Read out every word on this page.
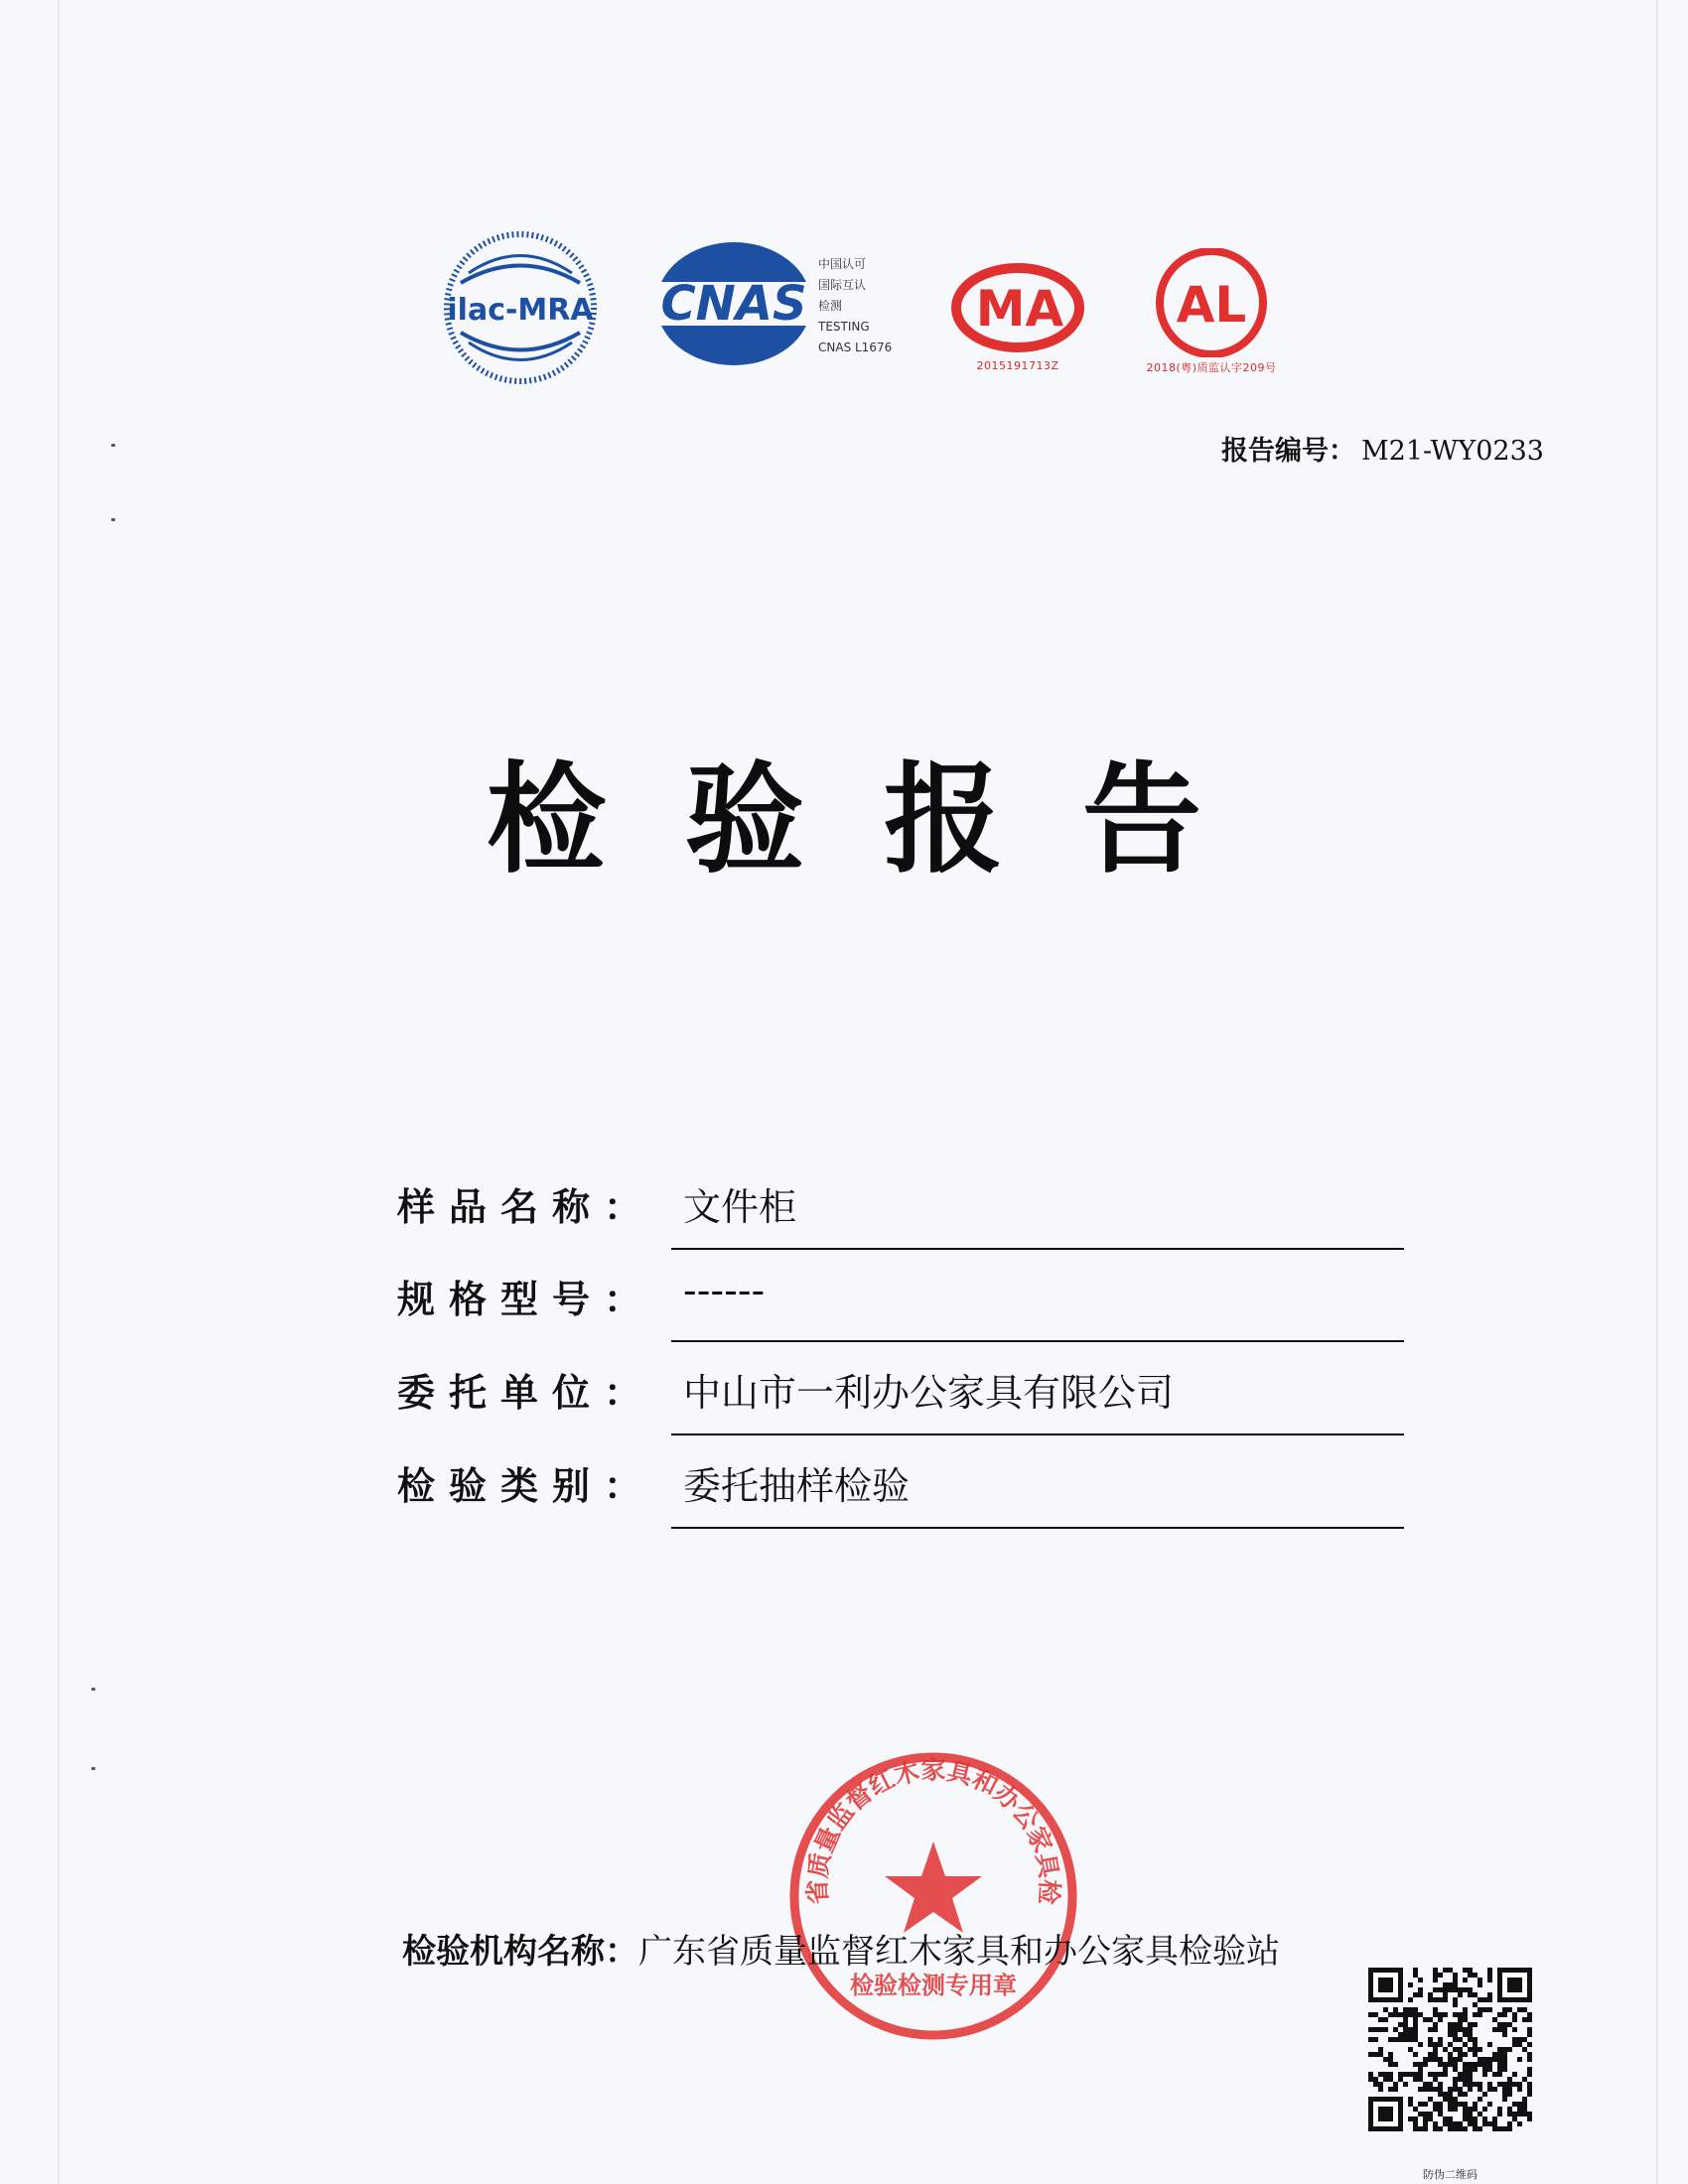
ilac-MRA CNAS
中国认可
国际互认
检测
TESTING
CNAS L1676
MA
2015191713Z
AL
2018(粤)质监认字209号
报告编号： M21-WY0233
检验报告
样品名称： 文件柜
规格型号： ------
委托单位： 中山市一利办公家具有限公司
检验类别： 委托抽样检验
省质量监督红木家具和办公家具检
检验检测专用章
检验机构名称：广东省质量监督红木家具和办公家具检验站
防伪二维码
